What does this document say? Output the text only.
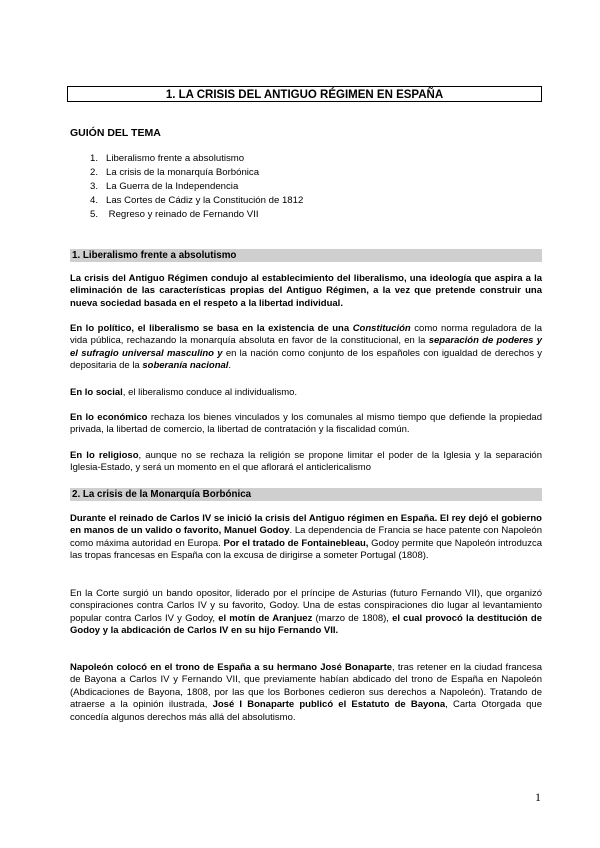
1. LA CRISIS DEL ANTIGUO RÉGIMEN EN ESPAÑA
GUIÓN DEL TEMA
1. Liberalismo frente a absolutismo
2. La crisis de la monarquía Borbónica
3. La Guerra de la Independencia
4. Las Cortes de Cádiz y la Constitución de 1812
5. Regreso y reinado de Fernando VII
1. Liberalismo frente a absolutismo

La crisis del Antiguo Régimen condujo al establecimiento del liberalismo, una ideología que aspira a la eliminación de las características propias del Antiguo Régimen, a la vez que pretende construir una nueva sociedad basada en el respeto a la libertad individual.

En lo político, el liberalismo se basa en la existencia de una Constitución como norma reguladora de la vida pública, rechazando la monarquía absoluta en favor de la constitucional, en la separación de poderes y el sufragio universal masculino y en la nación como conjunto de los españoles con igualdad de derechos y depositaria de la soberanía nacional.

En lo social, el liberalismo conduce al individualismo.

En lo económico rechaza los bienes vinculados y los comunales al mismo tiempo que defiende la propiedad privada, la libertad de comercio, la libertad de contratación y la fiscalidad común.

En lo religioso, aunque no se rechaza la religión se propone limitar el poder de la Iglesia y la separación Iglesia-Estado, y será un momento en el que aflorará el anticlericalismo

2. La crisis de la Monarquía Borbónica

Durante el reinado de Carlos IV se inició la crisis del Antiguo régimen en España. El rey dejó el gobierno en manos de un valido o favorito, Manuel Godoy. La dependencia de Francia se hace patente con Napoleón como máxima autoridad en Europa. Por el tratado de Fontainebleau, Godoy permite que Napoleón introduzca las tropas francesas en España con la excusa de dirigirse a someter Portugal (1808).

En la Corte surgió un bando opositor, liderado por el príncipe de Asturias (futuro Fernando VII), que organizó conspiraciones contra Carlos IV y su favorito, Godoy. Una de estas conspiraciones dio lugar al levantamiento popular contra Carlos IV y Godoy, el motín de Aranjuez (marzo de 1808), el cual provocó la destitución de Godoy y la abdicación de Carlos IV en su hijo Fernando VII.

Napoleón colocó en el trono de España a su hermano José Bonaparte, tras retener en la ciudad francesa de Bayona a Carlos IV y Fernando VII, que previamente habían abdicado del trono de España en Napoleón (Abdicaciones de Bayona, 1808, por las que los Borbones cedieron sus derechos a Napoleón). Tratando de atraerse a la opinión ilustrada, José I Bonaparte publicó el Estatuto de Bayona, Carta Otorgada que concedía algunos derechos más allá del absolutismo.

1
